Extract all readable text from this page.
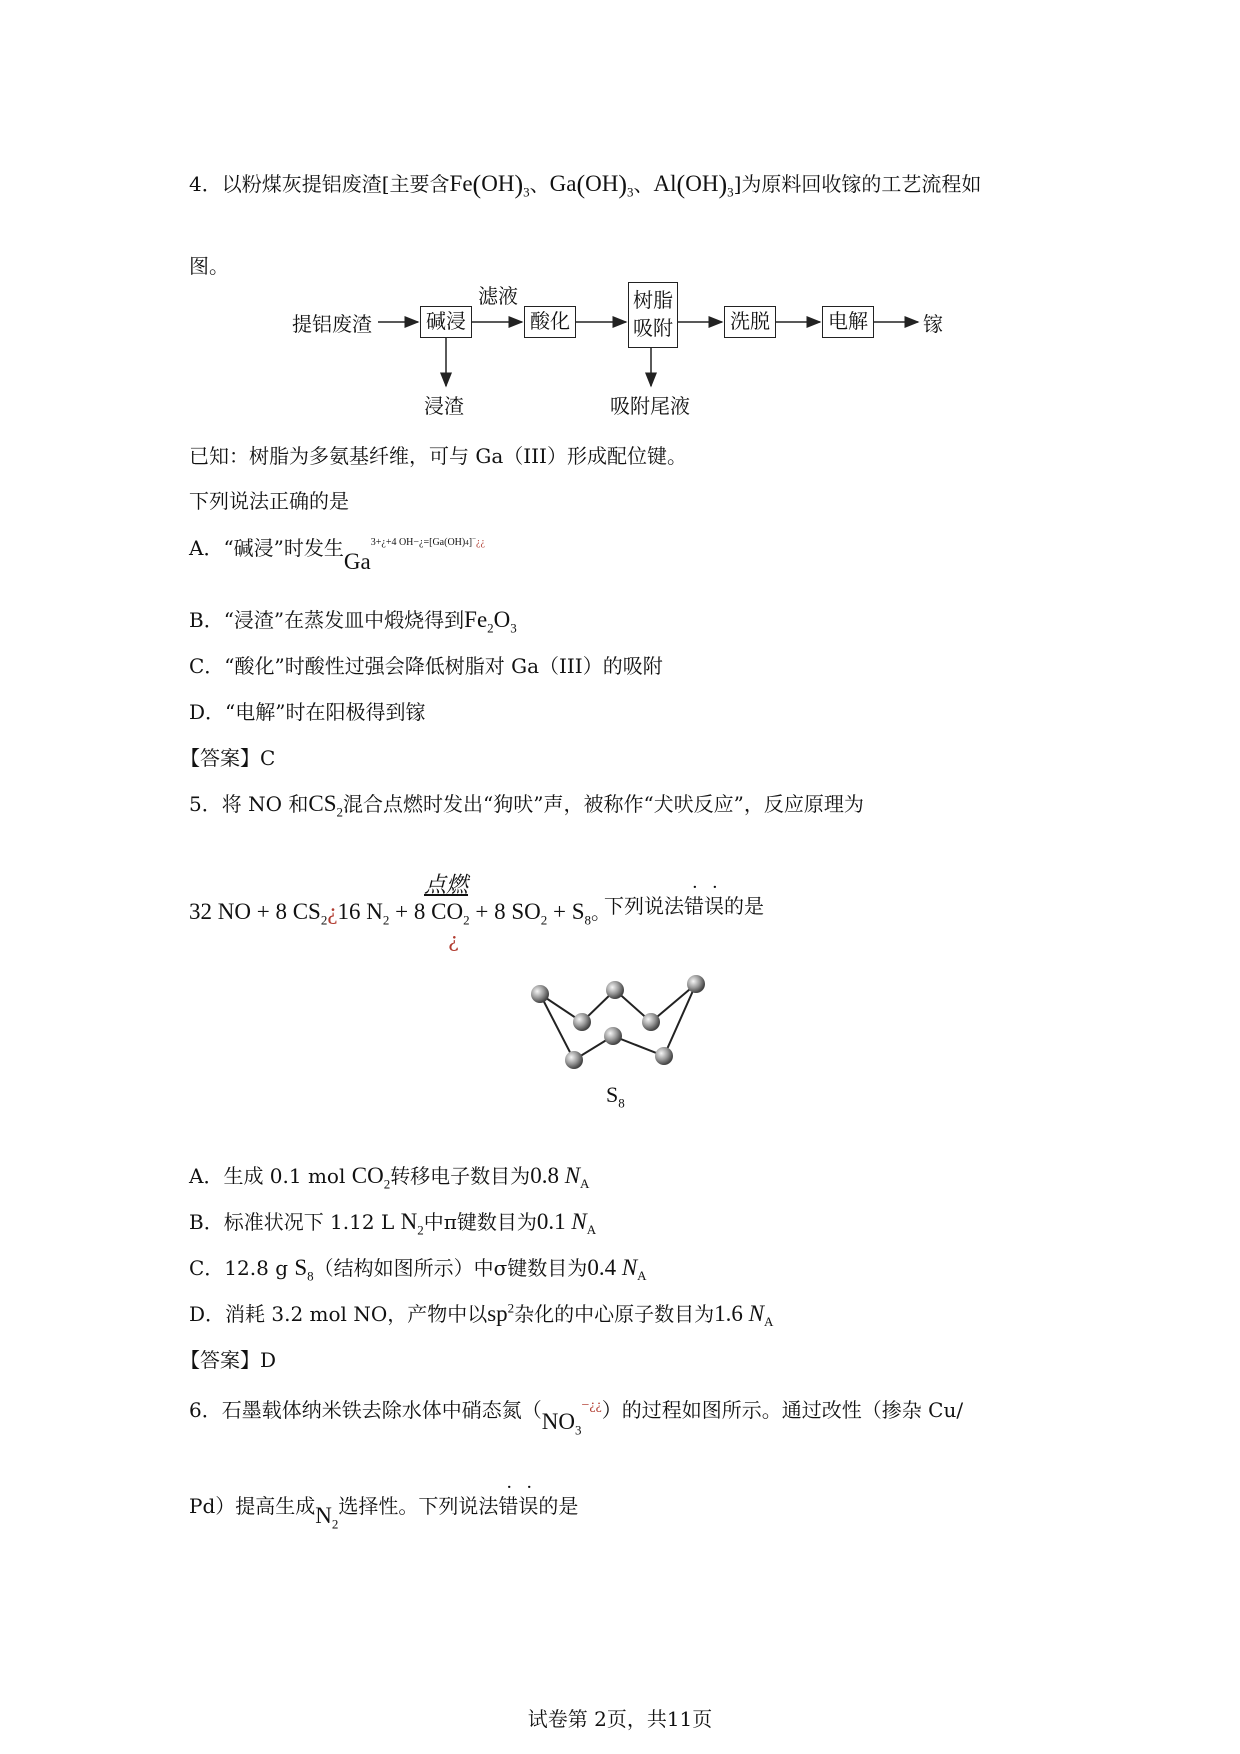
4．以粉煤灰提铝废渣[主要含$Fe(OH)_3$、$Ga(OH)_3$、$Al(OH)_3$]为原料回收镓的工艺流程如
图。
提铝废渣	碱浸
滤液
酸化
树脂
吸附	洗脱	电解	镓
浸渣	吸附尾液
已知：树脂为多氨基纤维，可与 Ga（III）形成配位键。
下列说法正确的是
A．“碱浸”时发生$Ga^{3+¿+4 OH-¿=[Ga(OH)4]^-¿¿}$
B．“浸渣”在蒸发皿中煅烧得到$Fe_2O_3$
C．“酸化”时酸性过强会降低树脂对 Ga（III）的吸附
D．“电解”时在阳极得到镓
【答案】C
5．将 NO 和$CS_2$混合点燃时发出“狗吠”声，被称作“犬吠反应”，反应原理为
32 NO + 8 $CS_2¿16$ $N_2 + 8$ $CO_2 + 8$ $SO_2 + S_8$。
点燃
¿
下列说法错误的是
$S_8$
A．生成 0.1 mol $CO_2$转移电子数目为0.8 $N_A$
B．标准状况下 1.12 L $N_2$中π键数目为0.1 $N_A$
C．12.8 g $S_8$（结构如图所示）中σ键数目为0.4 $N_A$
D．消耗 3.2 mol NO，产物中以$sp^2$杂化的中心原子数目为1.6 $N_A$
【答案】D
6．石墨载体纳米铁去除水体中硝态氮$(NO_3^{-¿¿})$的过程如图所示。通过改性（掺杂 Cu/
Pd）提高生成$N_2$选择性。下列说法错误的是
试卷第 2页，共11页
